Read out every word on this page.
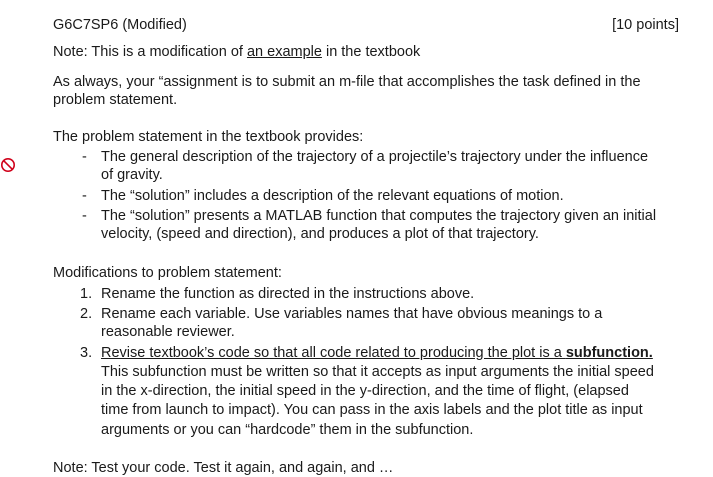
G6C7SP6 (Modified)	[10 points]
Note: This is a modification of an example in the textbook
As always, your “assignment is to submit an m-file that accomplishes the task defined in the
problem statement.
The problem statement in the textbook provides:
- The general description of the trajectory of a projectile’s trajectory under the influence
of gravity.
- The “solution” includes a description of the relevant equations of motion.
- The “solution” presents a MATLAB function that computes the trajectory given an initial
velocity, (speed and direction), and produces a plot of that trajectory.
Modifications to problem statement:
1. Rename the function as directed in the instructions above.
2. Rename each variable. Use variables names that have obvious meanings to a
reasonable reviewer.
3. Revise textbook’s code so that all code related to producing the plot is a subfunction.
This subfunction must be written so that it accepts as input arguments the initial speed
in the x-direction, the initial speed in the y-direction, and the time of flight, (elapsed
time from launch to impact). You can pass in the axis labels and the plot title as input
arguments or you can “hardcode” them in the subfunction.
Note: Test your code. Test it again, and again, and …
